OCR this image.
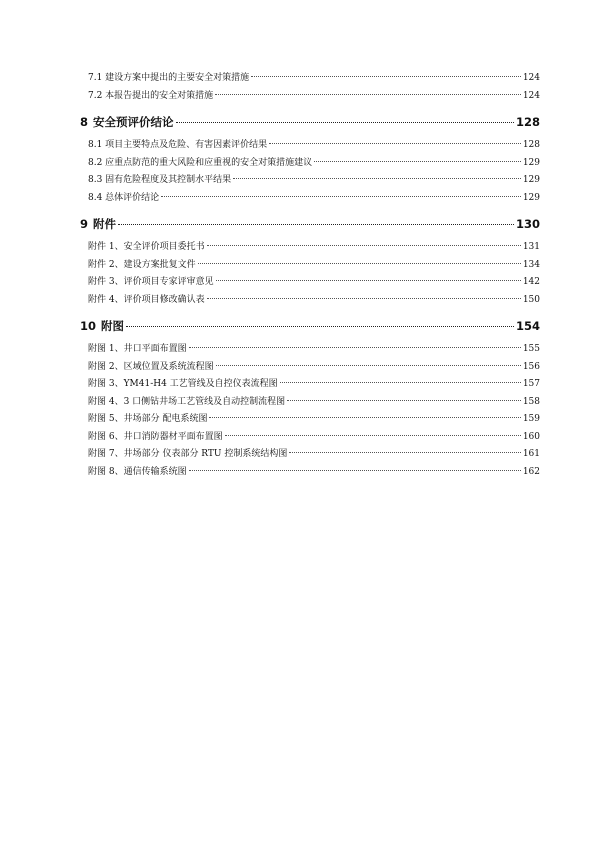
7.1 建设方案中提出的主要安全对策措施	124
7.2 本报告提出的安全对策措施	124
8 安全预评价结论	128
8.1 项目主要特点及危险、有害因素评价结果	128
8.2 应重点防范的重大风险和应重视的安全对策措施建议	129
8.3 固有危险程度及其控制水平结果	129
8.4 总体评价结论	129
9 附件	130
附件 1、安全评价项目委托书	131
附件 2、建设方案批复文件	134
附件 3、评价项目专家评审意见	142
附件 4、评价项目修改确认表	150
10 附图	154
附图 1、井口平面布置图	155
附图 2、区域位置及系统流程图	156
附图 3、YM41-H4 工艺管线及自控仪表流程图	157
附图 4、3 口侧钻井场工艺管线及自动控制流程图	158
附图 5、井场部分 配电系统图	159
附图 6、井口消防器材平面布置图	160
附图 7、井场部分 仪表部分 RTU 控制系统结构图	161
附图 8、通信传输系统图	162
